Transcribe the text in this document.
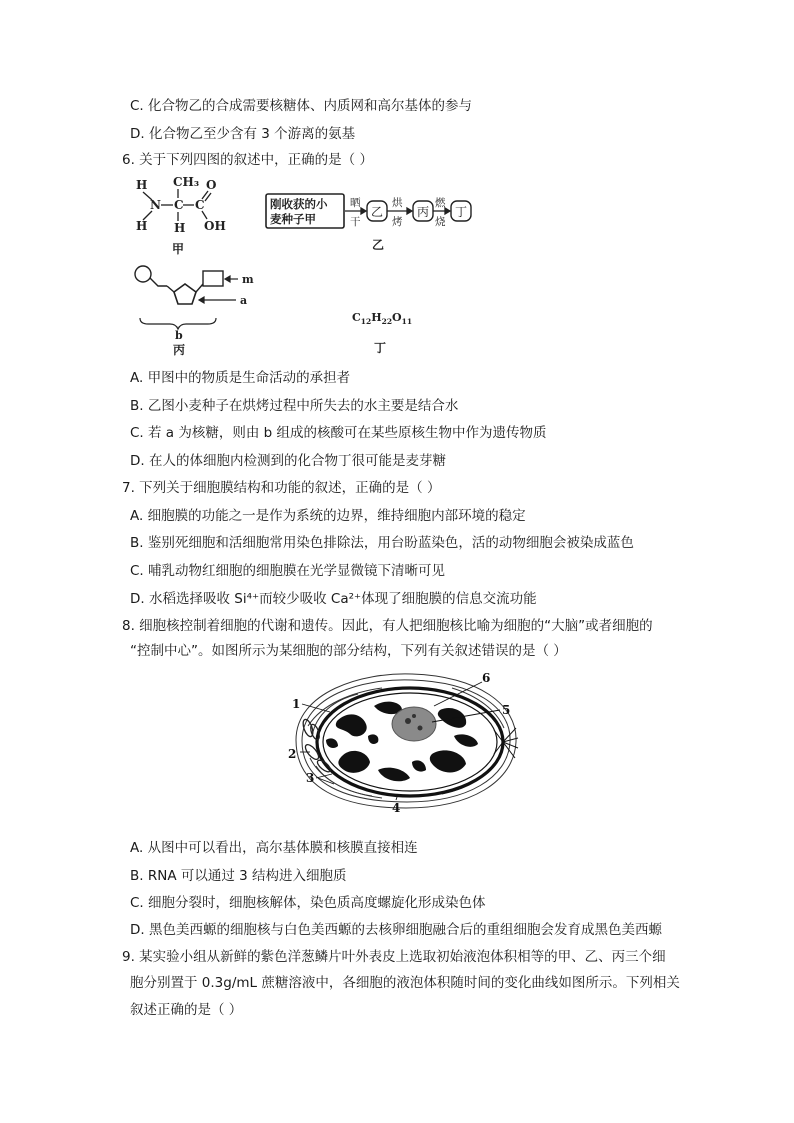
C. 化合物乙的合成需要核糖体、内质网和高尔基体的参与
D. 化合物乙至少含有 3 个游离的氨基
6. 关于下列四图的叙述中，正确的是（ ）
H
N
H
CH₃
C
H
C
O
OH
甲
刚收获的小
麦种子甲
晒
干
烘
烤
燃
烧
乙	丙 丁
乙
m
a
b
丙
$C_{12}H_{22}O_{11}$
丁
A. 甲图中的物质是生命活动的承担者
B. 乙图小麦种子在烘烤过程中所失去的水主要是结合水
C. 若 a 为核糖，则由 b 组成的核酸可在某些原核生物中作为遗传物质
D. 在人的体细胞内检测到的化合物丁很可能是麦芽糖
7. 下列关于细胞膜结构和功能的叙述，正确的是（ ）
A. 细胞膜的功能之一是作为系统的边界，维持细胞内部环境的稳定
B. 鉴别死细胞和活细胞常用染色排除法，用台盼蓝染色，活的动物细胞会被染成蓝色
C. 哺乳动物红细胞的细胞膜在光学显微镜下清晰可见
D. 水稻选择吸收 Si⁴⁺而较少吸收 Ca²⁺体现了细胞膜的信息交流功能
8. 细胞核控制着细胞的代谢和遗传。因此，有人把细胞核比喻为细胞的“大脑”或者细胞的
“控制中心”。如图所示为某细胞的部分结构，下列有关叙述错误的是（ ）
1
2
3
4
5
6
A. 从图中可以看出，高尔基体膜和核膜直接相连
B. RNA 可以通过 3 结构进入细胞质
C. 细胞分裂时，细胞核解体，染色质高度螺旋化形成染色体
D. 黑色美西螈的细胞核与白色美西螈的去核卵细胞融合后的重组细胞会发育成黑色美西螈
9. 某实验小组从新鲜的紫色洋葱鳞片叶外表皮上选取初始液泡体积相等的甲、乙、丙三个细
胞分别置于 0.3g/mL 蔗糖溶液中，各细胞的液泡体积随时间的变化曲线如图所示。下列相关
叙述正确的是（ ）
